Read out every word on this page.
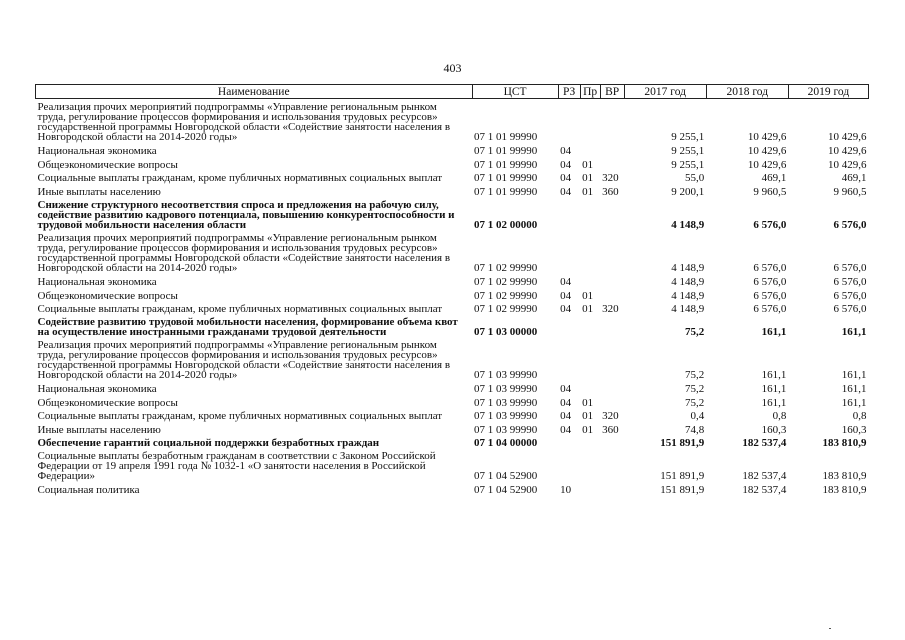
403
Наименование	ЦСТ	РЗ	Пр	ВР	2017 год	2018 год	2019 год
Реализация прочих мероприятий подпрограммы «Управление региональным рынком труда, регулирование процессов формирования и использования трудовых ресурсов» государственной программы Новгородской области «Содействие занятости населения в Новгородской области на 2014-2020 годы»	07 1 01 99990				9 255,1	10 429,6	10 429,6
Национальная экономика	07 1 01 99990	04			9 255,1	10 429,6	10 429,6
Общеэкономические вопросы	07 1 01 99990	04	01		9 255,1	10 429,6	10 429,6
Социальные выплаты гражданам, кроме публичных нормативных социальных выплат	07 1 01 99990	04	01	320	55,0	469,1	469,1
Иные выплаты населению	07 1 01 99990	04	01	360	9 200,1	9 960,5	9 960,5
Снижение структурного несоответствия спроса и предложения на рабочую силу, содействие развитию кадрового потенциала, повышению конкурентоспособности и трудовой мобильности населения области	07 1 02 00000				4 148,9	6 576,0	6 576,0
Реализация прочих мероприятий подпрограммы «Управление региональным рынком труда, регулирование процессов формирования и использования трудовых ресурсов» государственной программы Новгородской области «Содействие занятости населения в Новгородской области на 2014-2020 годы»	07 1 02 99990				4 148,9	6 576,0	6 576,0
Национальная экономика	07 1 02 99990	04			4 148,9	6 576,0	6 576,0
Общеэкономические вопросы	07 1 02 99990	04	01		4 148,9	6 576,0	6 576,0
Социальные выплаты гражданам, кроме публичных нормативных социальных выплат	07 1 02 99990	04	01	320	4 148,9	6 576,0	6 576,0
Содействие развитию трудовой мобильности населения, формирование объема квот на осуществление иностранными гражданами трудовой деятельности	07 1 03 00000				75,2	161,1	161,1
Реализация прочих мероприятий подпрограммы «Управление региональным рынком труда, регулирование процессов формирования и использования трудовых ресурсов» государственной программы Новгородской области «Содействие занятости населения в Новгородской области на 2014-2020 годы»	07 1 03 99990				75,2	161,1	161,1
Национальная экономика	07 1 03 99990	04			75,2	161,1	161,1
Общеэкономические вопросы	07 1 03 99990	04	01		75,2	161,1	161,1
Социальные выплаты гражданам, кроме публичных нормативных социальных выплат	07 1 03 99990	04	01	320	0,4	0,8	0,8
Иные выплаты населению	07 1 03 99990	04	01	360	74,8	160,3	160,3
Обеспечение гарантий социальной поддержки безработных граждан	07 1 04 00000				151 891,9	182 537,4	183 810,9
Социальные выплаты безработным гражданам в соответствии с Законом Российской Федерации от 19 апреля 1991 года № 1032-1 «О занятости населения в Российской Федерации»	07 1 04 52900				151 891,9	182 537,4	183 810,9
Социальная политика	07 1 04 52900	10			151 891,9	182 537,4	183 810,9
